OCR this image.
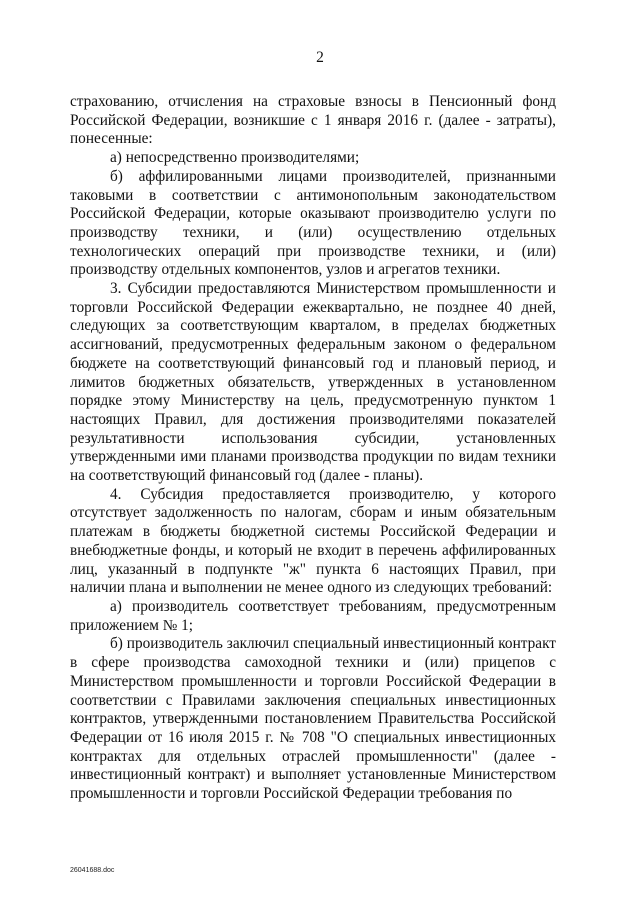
2

страхованию, отчисления на страховые взносы в Пенсионный фонд Российской Федерации, возникшие с 1 января 2016 г. (далее - затраты), понесенные:

а) непосредственно производителями;

б) аффилированными лицами производителей, признанными таковыми в соответствии с антимонопольным законодательством Российской Федерации, которые оказывают производителю услуги по производству техники, и (или) осуществлению отдельных технологических операций при производстве техники, и (или) производству отдельных компонентов, узлов и агрегатов техники.

3. Субсидии предоставляются Министерством промышленности и торговли Российской Федерации ежеквартально, не позднее 40 дней, следующих за соответствующим кварталом, в пределах бюджетных ассигнований, предусмотренных федеральным законом о федеральном бюджете на соответствующий финансовый год и плановый период, и лимитов бюджетных обязательств, утвержденных в установленном порядке этому Министерству на цель, предусмотренную пунктом 1 настоящих Правил, для достижения производителями показателей результативности использования субсидии, установленных утвержденными ими планами производства продукции по видам техники на соответствующий финансовый год (далее - планы).

4. Субсидия предоставляется производителю, у которого отсутствует задолженность по налогам, сборам и иным обязательным платежам в бюджеты бюджетной системы Российской Федерации и внебюджетные фонды, и который не входит в перечень аффилированных лиц, указанный в подпункте "ж" пункта 6 настоящих Правил, при наличии плана и выполнении не менее одного из следующих требований:

а) производитель соответствует требованиям, предусмотренным приложением № 1;

б) производитель заключил специальный инвестиционный контракт в сфере производства самоходной техники и (или) прицепов с Министерством промышленности и торговли Российской Федерации в соответствии с Правилами заключения специальных инвестиционных контрактов, утвержденными постановлением Правительства Российской Федерации от 16 июля 2015 г. № 708 "О специальных инвестиционных контрактах для отдельных отраслей промышленности" (далее - инвестиционный контракт) и выполняет установленные Министерством промышленности и торговли Российской Федерации требования по

26041688.doc
